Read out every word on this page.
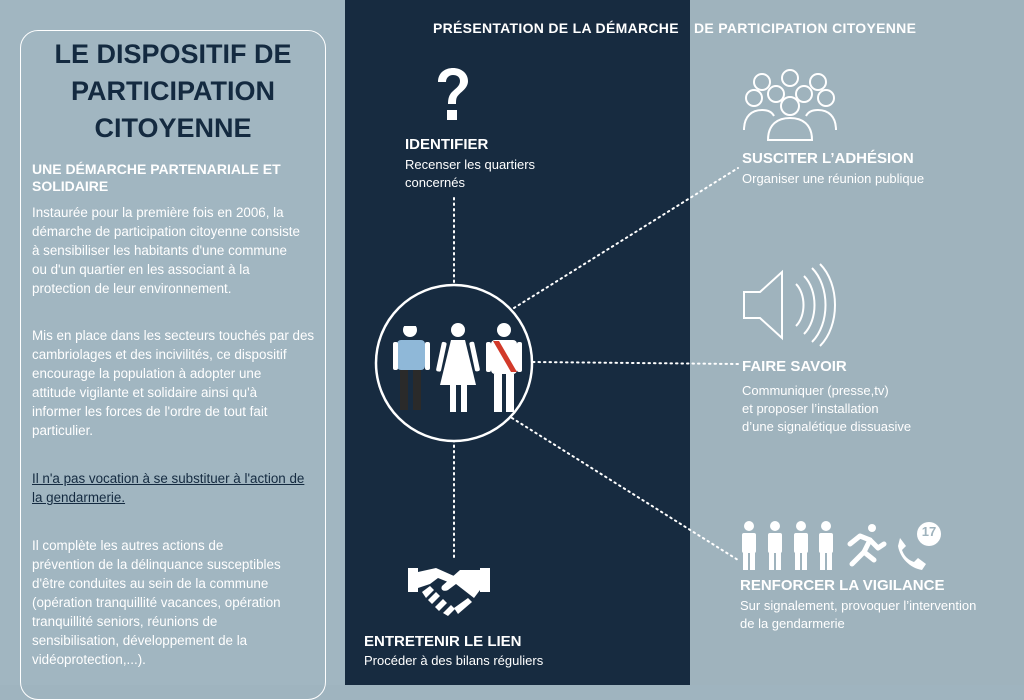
PRÉSENTATION DE LA DÉMARCHE DE PARTICIPATION CITOYENNE
LE DISPOSITIF DE
PARTICIPATION
CITOYENNE
UNE DÉMARCHE PARTENARIALE ET
SOLIDAIRE
Instaurée pour la première fois en 2006, la
démarche de participation citoyenne consiste
à sensibiliser les habitants d'une commune
ou d'un quartier en les associant à la
protection de leur environnement.
Mis en place dans les secteurs touchés par des
cambriolages et des incivilités, ce dispositif
encourage la population à adopter une
attitude vigilante et solidaire ainsi qu'à
informer les forces de l'ordre de tout fait
particulier.
Il n'a pas vocation à se substituer à l'action de
la gendarmerie.
Il complète les autres actions de
prévention de la délinquance susceptibles
d'être conduites au sein de la commune
(opération tranquillité vacances, opération
tranquillité seniors, réunions de
sensibilisation, développement de la
vidéoprotection,...).
IDENTIFIER
Recenser les quartiers
concernés
SUSCITER L’ADHÉSION
Organiser une réunion publique
FAIRE SAVOIR
Communiquer (presse,tv)
et proposer l’installation
d’une signalétique dissuasive
17
RENFORCER LA VIGILANCE
Sur signalement, provoquer l’intervention
de la gendarmerie
ENTRETENIR LE LIEN
Procéder à des bilans réguliers
